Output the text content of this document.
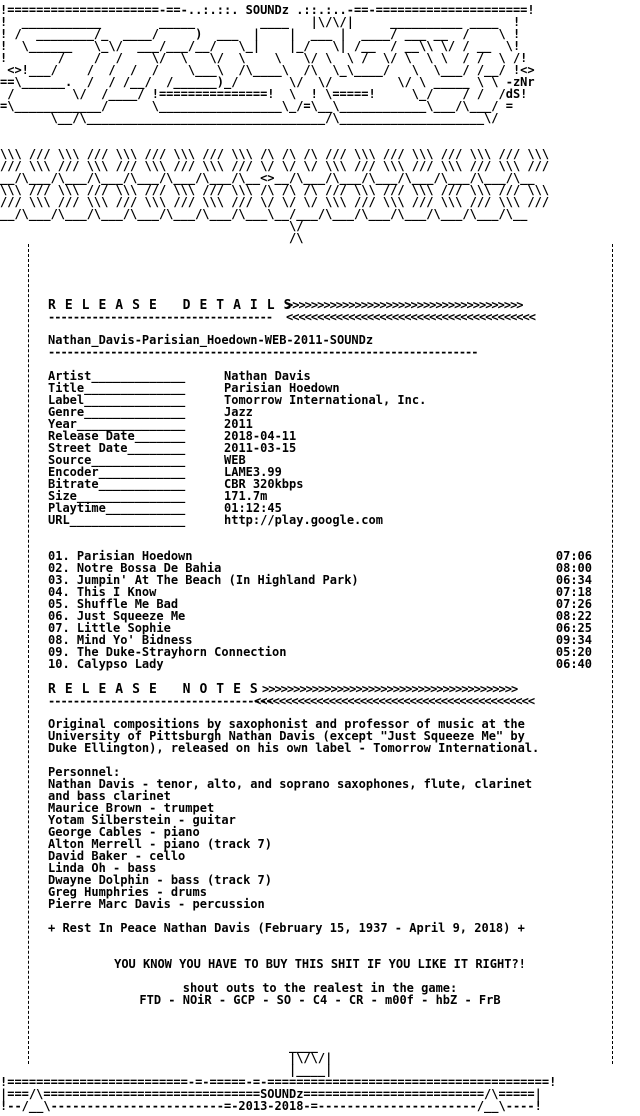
!=====================-==-..:.::. SOUNDz .::.:..-==-=====================!
!  ___________        _____         ____   |\/\/|     __________ ____  !
! /  ________/_  ____/     )  ___  |    |  ___ |  ____/ ___ __  /    \ !
!  \______   \_\/  ___/___/__/   \_|    |_/   \| /__  / __\\ \/ / __  \!
!       /    /  /    \/  \   \/  \    \   \/ \  \ /  \/ \  \ \  / /  \ /!
<>!___/    /  /  /  /    \___\  /\____\  /\  \_\____/   \  \___/ /__/ !<>
==\______.  /  / /__/  /______)_/       \/  \/         \/ \ _____ \ \ -zNr
/        \/  /____/ !===============!  \  ! \=====!     \_/    / /  /dS!
=\____________/      \_________________\_/=\__\____________\___/\___/ =
\__/\_________________________________/\____________________\/
\\\ /// \\\ /// \\\ /// \\\ /// \\\ /\ /\ /\ /// \\\ /// \\\ /// \\\ /// \\\
/// \\\ /// \\\ /// \\\ /// \\\ /// \/ \/ \/ \\\ /// \\\ /// \\\ /// \\\ ///
__/\___/\___/\___/\___/\___/\___/\__<>__/\___/\___/\___/\___/\___/\___/\__
\\\ /// \\\ /// \\\ /// \\\ /// \\\ /\ /\ /\ /// \\\ /// \\\ /// \\\ /// \\\
/// \\\ /// \\\ /// \\\ /// \\\ /// \/ \/ \/ \\\ /// \\\ /// \\\ /// \\\ ///
__/\___/\___/\___/\___/\___/\___/\___\__/___/\___/\___/\___/\___/\___/\__
\/
/\
RELEASE DETAILS
>>>>>>>>>>>>>>>>>>>>>>>>>>>>>>>>>>>>>>
------------------------------------ <<<<<<<<<<<<<<<<<<<<<<<<<<<<<<<<<<<<<<<<
Nathan_Davis-Parisian_Hoedown-WEB-2011-SOUNDz
---------------------------------------------------------------------
Artist_____________	Nathan Davis
Title______________	Parisian Hoedown
Label______________	Tomorrow International, Inc.
Genre______________	Jazz
Year_______________	2011
Release Date_______	2018-04-11
Street Date________	2011-03-15
Source_____________	WEB
Encoder____________	LAME3.99
Bitrate____________	CBR 320kbps
Size_______________	171.7m
Playtime___________	01:12:45
URL________________	http://play.google.com
01. Parisian Hoedown	07:06
02. Notre Bossa De Bahia	08:00
03. Jumpin' At The Beach (In Highland Park)	06:34
04. This I Know	07:18
05. Shuffle Me Bad	07:26
06. Just Squeeze Me	08:22
07. Little Sophie	06:25
08. Mind Yo' Bidness	09:34
09. The Duke-Strayhorn Connection	05:20
10. Calypso Lady	06:40
RELEASE NOTES
>>>>>>>>>>>>>>>>>>>>>>>>>>>>>>>>>>>>>>>>>
------------------------------------
<<<<<<<<<<<<<<<<<<<<<<<<<<<<<<<<<<<<<<<<<<<<<
Original compositions by saxophonist and professor of music at the
University of Pittsburgh Nathan Davis (except "Just Squeeze Me" by
Duke Ellington), released on his own label - Tomorrow International.
Personnel:
Nathan Davis - tenor, alto, and soprano saxophones, flute, clarinet
and bass clarinet
Maurice Brown - trumpet
Yotam Silberstein - guitar
George Cables - piano
Alton Merrell - piano (track 7)
David Baker - cello
Linda Oh - bass
Dwayne Dolphin - bass (track 7)
Greg Humphries - drums
Pierre Marc Davis - percussion
+ Rest In Peace Nathan Davis (February 15, 1937 - April 9, 2018) +
YOU KNOW YOU HAVE TO BUY THIS SHIT IF YOU LIKE IT RIGHT?!
shout outs to the realest in the game:
FTD - NOiR - GCP - SO - C4 - CR - m00f - hbZ - FrB
____
|\/\/|
|____|
!=========================-=-=====-=-=======================================!
|===/\==============================SOUNDz=========================/\=====|
!--/__\------------------------=-2013-2018-=----------------------/__\----!
